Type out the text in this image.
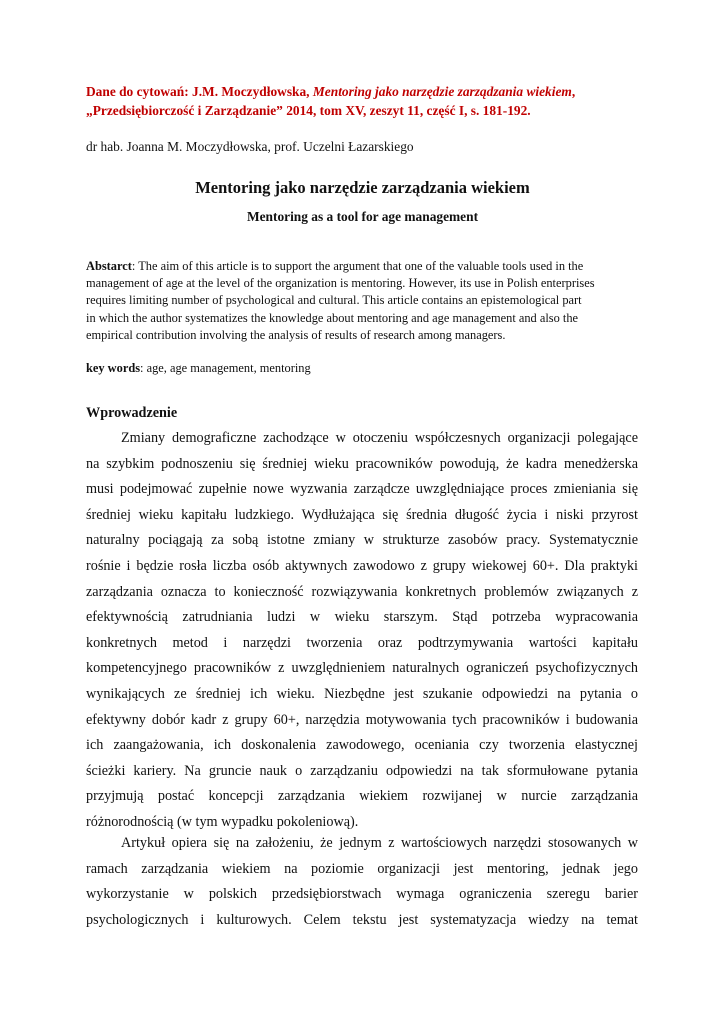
Dane do cytowań: J.M. Moczydłowska, Mentoring jako narzędzie zarządzania wiekiem, „Przedsiębiorczość i Zarządzanie” 2014, tom XV, zeszyt 11, część I, s. 181-192.
dr hab. Joanna M. Moczydłowska, prof. Uczelni Łazarskiego
Mentoring jako narzędzie zarządzania wiekiem
Mentoring as a tool for age management
Abstarct: The aim of this article is to support the argument that one of the valuable tools used in the
management of age at the level of the organization is mentoring. However, its use in Polish enterprises
requires limiting number of psychological and cultural. This article contains an epistemological part
in which the author systematizes the knowledge about mentoring and age management and also the
empirical contribution involving the analysis of results of research among managers.
key words: age, age management, mentoring
Wprowadzenie
Zmiany demograficzne zachodzące w otoczeniu współczesnych organizacji polegające
na szybkim podnoszeniu się średniej wieku pracowników powodują, że kadra menedżerska
musi podejmować zupełnie nowe wyzwania zarządcze uwzględniające proces zmieniania się
średniej wieku kapitału ludzkiego. Wydłużająca się średnia długość życia i niski przyrost
naturalny pociągają za sobą istotne zmiany w strukturze zasobów pracy. Systematycznie
rośnie i będzie rosła liczba osób aktywnych zawodowo z grupy wiekowej 60+. Dla praktyki
zarządzania oznacza to konieczność rozwiązywania konkretnych problemów związanych z
efektywnością zatrudniania ludzi w wieku starszym. Stąd potrzeba wypracowania
konkretnych metod i narzędzi tworzenia oraz podtrzymywania wartości kapitału
kompetencyjnego pracowników z uwzględnieniem naturalnych ograniczeń psychofizycznych
wynikających ze średniej ich wieku. Niezbędne jest szukanie odpowiedzi na pytania o
efektywny dobór kadr z grupy 60+, narzędzia motywowania tych pracowników i budowania
ich zaangażowania, ich doskonalenia zawodowego, oceniania czy tworzenia elastycznej
ścieżki kariery. Na gruncie nauk o zarządzaniu odpowiedzi na tak sformułowane pytania
przyjmują postać koncepcji zarządzania wiekiem rozwijanej w nurcie zarządzania
różnorodnością (w tym wypadku pokoleniową).
Artykuł opiera się na założeniu, że jednym z wartościowych narzędzi stosowanych w
ramach zarządzania wiekiem na poziomie organizacji jest mentoring, jednak jego
wykorzystanie w polskich przedsiębiorstwach wymaga ograniczenia szeregu barier
psychologicznych i kulturowych. Celem tekstu jest systematyzacja wiedzy na temat
